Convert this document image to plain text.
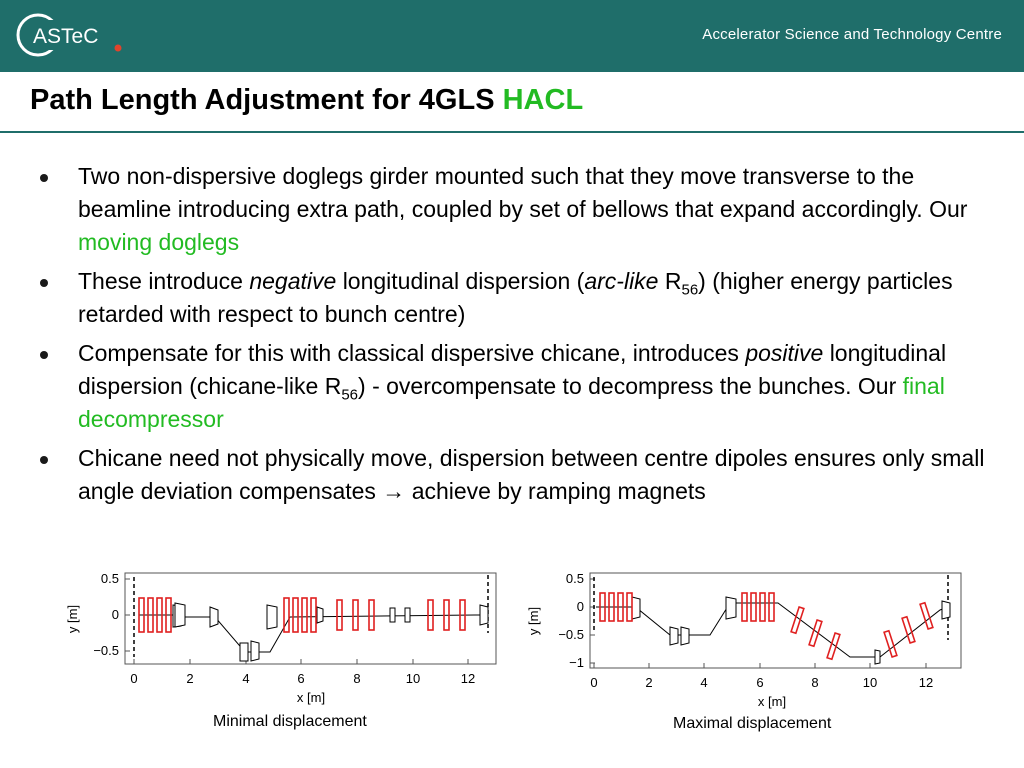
ASTeC	Accelerator Science and Technology Centre
Path Length Adjustment for 4GLS HACL
Two non-dispersive doglegs girder mounted such that they move transverse to the beamline introducing extra path, coupled by set of bellows that expand accordingly. Our moving doglegs
These introduce negative longitudinal dispersion (arc-like $R_{56}$) (higher energy particles retarded with respect to bunch centre)
Compensate for this with classical dispersive chicane, introduces positive longitudinal dispersion (chicane-like $R_{56}$) - overcompensate to decompress the bunches. Our final decompressor
Chicane need not physically move, dispersion between centre dipoles ensures only small angle deviation compensates → achieve by ramping magnets
0	2	4	6	8	10	12
x [m]
0.5
0
−0.5
y [m]
Minimal displacement
0	2	4	6	8	10	12
x [m]
0.5
0
−0.5
−1
y [m]
Maximal displacement
